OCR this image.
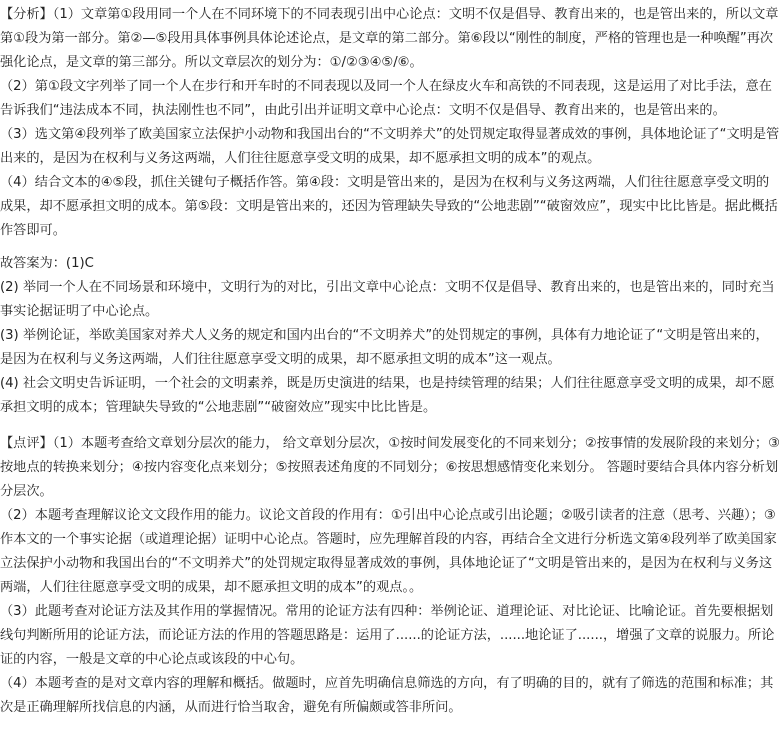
【分析】（1）文章第①段用同一个人在不同环境下的不同表现引出中心论点：文明不仅是倡导、教育出来的，也是管出来的，所以文章第①段为第一部分。第②—⑤段用具体事例具体论述论点，是文章的第二部分。第⑥段以“刚性的制度，严格的管理也是一种唤醒”再次强化论点，是文章的第三部分。所以文章层次的划分为：①/②③④⑤/⑥。

（2）第①段文字列举了同一个人在步行和开车时的不同表现以及同一个人在绿皮火车和高铁的不同表现，这是运用了对比手法，意在告诉我们“违法成本不同，执法刚性也不同”，由此引出并证明文章中心论点：文明不仅是倡导、教育出来的，也是管出来的。

（3）选文第④段列举了欧美国家立法保护小动物和我国出台的“不文明养犬”的处罚规定取得显著成效的事例，具体地论证了“文明是管出来的，是因为在权利与义务这两端，人们往往愿意享受文明的成果，却不愿承担文明的成本”的观点。

（4）结合文本的④⑤段，抓住关键句子概括作答。第④段：文明是管出来的，是因为在权利与义务这两端，人们往往愿意享受文明的成果，却不愿承担文明的成本。第⑤段：文明是管出来的，还因为管理缺失导致的“公地悲剧”“破窗效应”，现实中比比皆是。据此概括作答即可。

故答案为：(1)C

(2) 举同一个人在不同场景和环境中，文明行为的对比，引出文章中心论点：文明不仅是倡导、教育出来的，也是管出来的，同时充当事实论据证明了中心论点。

(3) 举例论证，举欧美国家对养犬人义务的规定和国内出台的“不文明养犬”的处罚规定的事例，具体有力地论证了“文明是管出来的，是因为在权利与义务这两端，人们往往愿意享受文明的成果，却不愿承担文明的成本”这一观点。

(4) 社会文明史告诉证明，一个社会的文明素养，既是历史演进的结果，也是持续管理的结果；人们往往愿意享受文明的成果，却不愿承担文明的成本；管理缺失导致的“公地悲剧”“破窗效应”现实中比比皆是。

【点评】（1）本题考查给文章划分层次的能力， 给文章划分层次，①按时间发展变化的不同来划分；②按事情的发展阶段的来划分；③按地点的转换来划分；④按内容变化点来划分；⑤按照表述角度的不同划分；⑥按思想感情变化来划分。 答题时要结合具体内容分析划分层次。

（2）本题考查理解议论文文段作用的能力。议论文首段的作用有：①引出中心论点或引出论题；②吸引读者的注意（思考、兴趣）；③作本文的一个事实论据（或道理论据）证明中心论点。答题时，应先理解首段的内容，再结合全文进行分析选文第④段列举了欧美国家立法保护小动物和我国出台的“不文明养犬”的处罚规定取得显著成效的事例，具体地论证了“文明是管出来的，是因为在权利与义务这两端，人们往往愿意享受文明的成果，却不愿承担文明的成本”的观点。。

（3）此题考查对论证方法及其作用的掌握情况。常用的论证方法有四种：举例论证、道理论证、对比论证、比喻论证。首先要根据划线句判断所用的论证方法，而论证方法的作用的答题思路是：运用了......的论证方法，......地论证了......，增强了文章的说服力。所论证的内容，一般是文章的中心论点或该段的中心句。

（4）本题考查的是对文章内容的理解和概括。做题时，应首先明确信息筛选的方向，有了明确的目的，就有了筛选的范围和标准；其次是正确理解所找信息的内涵，从而进行恰当取舍，避免有所偏颇或答非所问。
